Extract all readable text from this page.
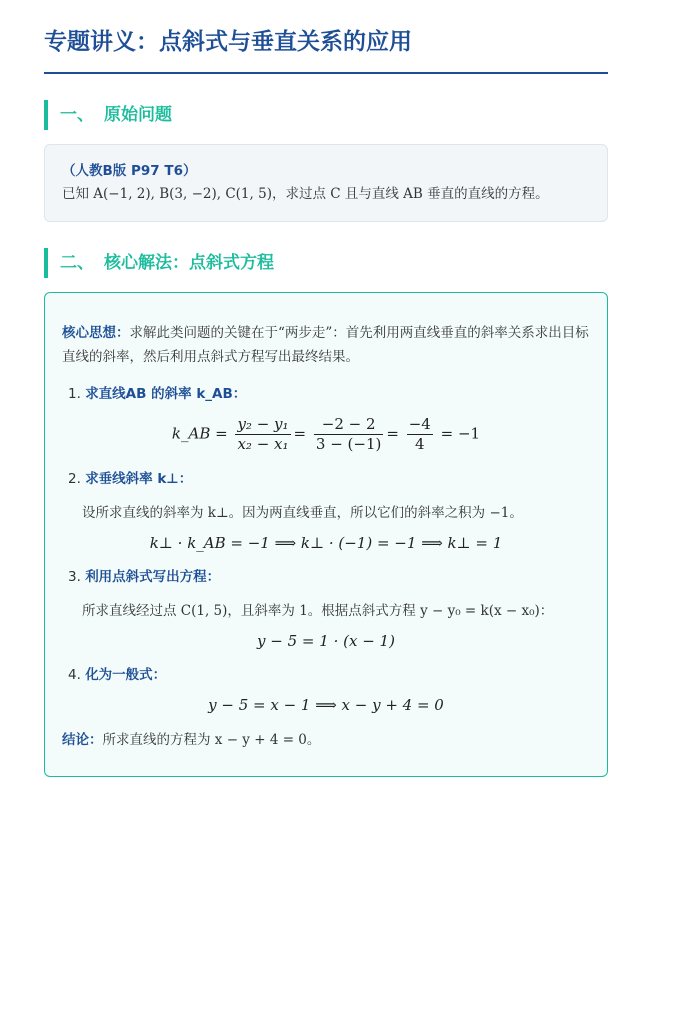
专题讲义：点斜式与垂直关系的应用
一、 原始问题
（人教B版 P97 T6）
已知 A(−1, 2), B(3, −2), C(1, 5)，求过点 C 且与直线 AB 垂直的直线的方程。
二、 核心解法：点斜式方程
核心思想：求解此类问题的关键在于“两步走”：首先利用两直线垂直的斜率关系求出目标直线的斜率，然后利用点斜式方程写出最终结果。
1. 求直线AB 的斜率 k_AB：
k_AB = $\frac{\text{y₂ − y₁}}{\text{x₂ − x₁}} = \frac{-2 - 2}{3 - (-1)} = \frac{-4}{4} = -1$
2. 求垂线斜率 k⊥：
设所求直线的斜率为 k⊥。因为两直线垂直，所以它们的斜率之积为 −1。
k⊥ · k_AB = −1 ⟹ k⊥ · (−1) = −1 ⟹ k⊥ = 1
3. 利用点斜式写出方程：
所求直线经过点 C(1, 5)，且斜率为 1。根据点斜式方程 y − y₀ = k(x − x₀)：
y − 5 = 1 · (x − 1)
4. 化为一般式：
y − 5 = x − 1 ⟹ x − y + 4 = 0
结论：所求直线的方程为 x − y + 4 = 0。
